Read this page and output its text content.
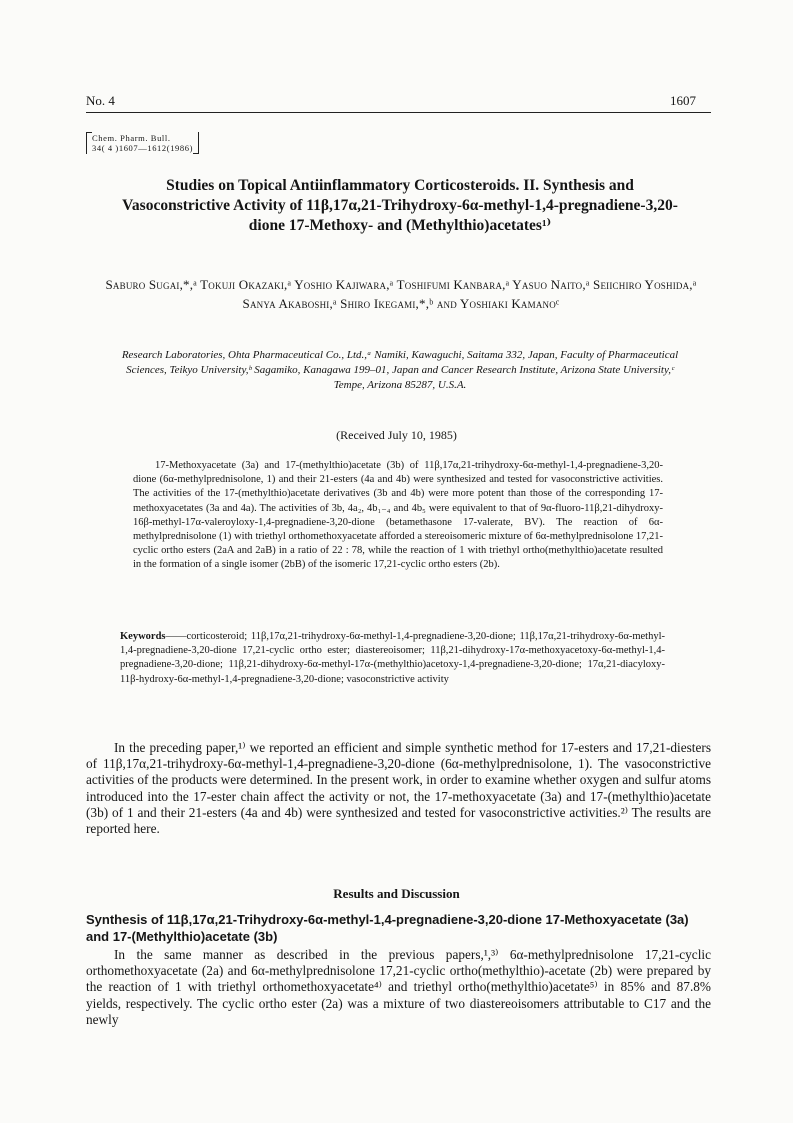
No. 4	1607
Chem. Pharm. Bull.
34( 4 )1607—1612(1986)
Studies on Topical Antiinflammatory Corticosteroids. II. Synthesis and Vasoconstrictive Activity of 11β,17α,21-Trihydroxy-6α-methyl-1,4-pregnadiene-3,20-dione 17-Methoxy- and (Methylthio)acetates¹⁾
Saburo Sugai,*,ᵃ Tokuji Okazaki,ᵃ Yoshio Kajiwara,ᵃ Toshifumi Kanbara,ᵃ Yasuo Naito,ᵃ Seiichiro Yoshida,ᵃ Sanya Akaboshi,ᵃ Shiro Ikegami,*,ᵇ and Yoshiaki Kamanoᶜ
Research Laboratories, Ohta Pharmaceutical Co., Ltd.,ᵃ Namiki, Kawaguchi, Saitama 332, Japan, Faculty of Pharmaceutical Sciences, Teikyo University,ᵇ Sagamiko, Kanagawa 199–01, Japan and Cancer Research Institute, Arizona State University,ᶜ Tempe, Arizona 85287, U.S.A.
(Received July 10, 1985)
17-Methoxyacetate (3a) and 17-(methylthio)acetate (3b) of 11β,17α,21-trihydroxy-6α-methyl-1,4-pregnadiene-3,20-dione (6α-methylprednisolone, 1) and their 21-esters (4a and 4b) were synthesized and tested for vasoconstrictive activities. The activities of the 17-(methylthio)acetate derivatives (3b and 4b) were more potent than those of the corresponding 17-methoxyacetates (3a and 4a). The activities of 3b, 4a₂, 4b₁₋₄ and 4b₅ were equivalent to that of 9α-fluoro-11β,21-dihydroxy-16β-methyl-17α-valeroyloxy-1,4-pregnadiene-3,20-dione (betamethasone 17-valerate, BV). The reaction of 6α-methylprednisolone (1) with triethyl orthomethoxyacetate afforded a stereoisomeric mixture of 6α-methylprednisolone 17,21-cyclic ortho esters (2aA and 2aB) in a ratio of 22 : 78, while the reaction of 1 with triethyl ortho(methylthio)acetate resulted in the formation of a single isomer (2bB) of the isomeric 17,21-cyclic ortho esters (2b).
Keywords——corticosteroid; 11β,17α,21-trihydroxy-6α-methyl-1,4-pregnadiene-3,20-dione; 11β,17α,21-trihydroxy-6α-methyl-1,4-pregnadiene-3,20-dione 17,21-cyclic ortho ester; diastereoisomer; 11β,21-dihydroxy-17α-methoxyacetoxy-6α-methyl-1,4-pregnadiene-3,20-dione; 11β,21-dihydroxy-6α-methyl-17α-(methylthio)acetoxy-1,4-pregnadiene-3,20-dione; 17α,21-diacyloxy-11β-hydroxy-6α-methyl-1,4-pregnadiene-3,20-dione; vasoconstrictive activity
In the preceding paper,¹⁾ we reported an efficient and simple synthetic method for 17-esters and 17,21-diesters of 11β,17α,21-trihydroxy-6α-methyl-1,4-pregnadiene-3,20-dione (6α-methylprednisolone, 1). The vasoconstrictive activities of the products were determined. In the present work, in order to examine whether oxygen and sulfur atoms introduced into the 17-ester chain affect the activity or not, the 17-methoxyacetate (3a) and 17-(methylthio)acetate (3b) of 1 and their 21-esters (4a and 4b) were synthesized and tested for vasoconstrictive activities.²⁾ The results are reported here.
Results and Discussion
Synthesis of 11β,17α,21-Trihydroxy-6α-methyl-1,4-pregnadiene-3,20-dione 17-Methoxyacetate (3a) and 17-(Methylthio)acetate (3b)
In the same manner as described in the previous papers,¹,³⁾ 6α-methylprednisolone 17,21-cyclic orthomethoxyacetate (2a) and 6α-methylprednisolone 17,21-cyclic ortho(methylthio)-acetate (2b) were prepared by the reaction of 1 with triethyl orthomethoxyacetate⁴⁾ and triethyl ortho(methylthio)acetate⁵⁾ in 85% and 87.8% yields, respectively. The cyclic ortho ester (2a) was a mixture of two diastereoisomers attributable to C17 and the newly
